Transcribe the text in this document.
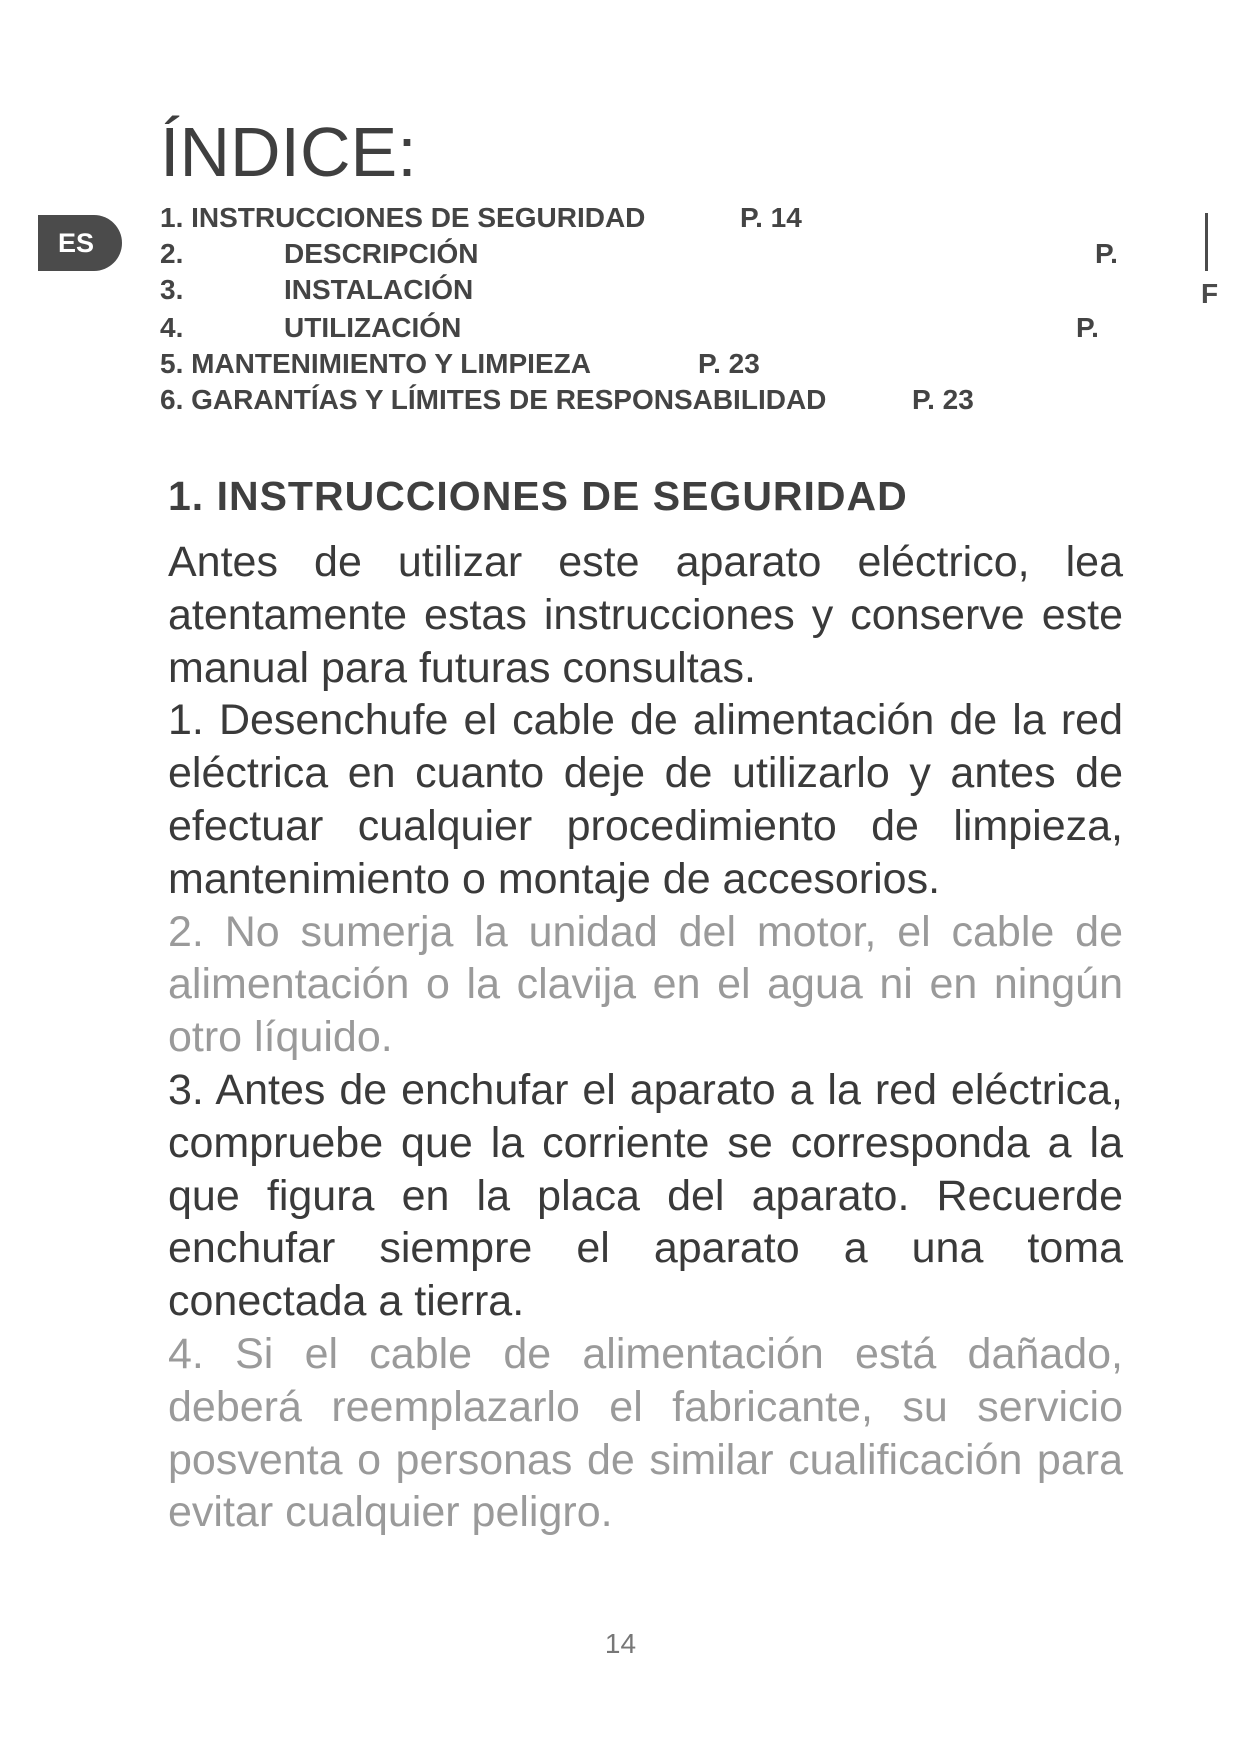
ES
F
ÍNDICE:
1. INSTRUCCIONES DE SEGURIDAD	P. 14
2.	DESCRIPCIÓN	P.
3.	INSTALACIÓN
4.	UTILIZACIÓN	P.
5. MANTENIMIENTO Y LIMPIEZA	P. 23
6. GARANTÍAS Y LÍMITES DE RESPONSABILIDAD	P. 23
1. INSTRUCCIONES DE SEGURIDAD

Antes de utilizar este aparato eléctrico, lea atentamente estas instrucciones y conserve este manual para futuras consultas.

1. Desenchufe el cable de alimentación de la red eléctrica en cuanto deje de utilizarlo y antes de efectuar cualquier procedimiento de limpieza, mantenimiento o montaje de accesorios.

2. No sumerja la unidad del motor, el cable de alimentación o la clavija en el agua ni en ningún otro líquido.

3. Antes de enchufar el aparato a la red eléctrica, compruebe que la corriente se corresponda a la que figura en la placa del aparato. Recuerde enchufar siempre el aparato a una toma conectada a tierra.

4. Si el cable de alimentación está dañado, deberá reemplazarlo el fabricante, su servicio posventa o personas de similar cualificación para evitar cualquier peligro.

14
